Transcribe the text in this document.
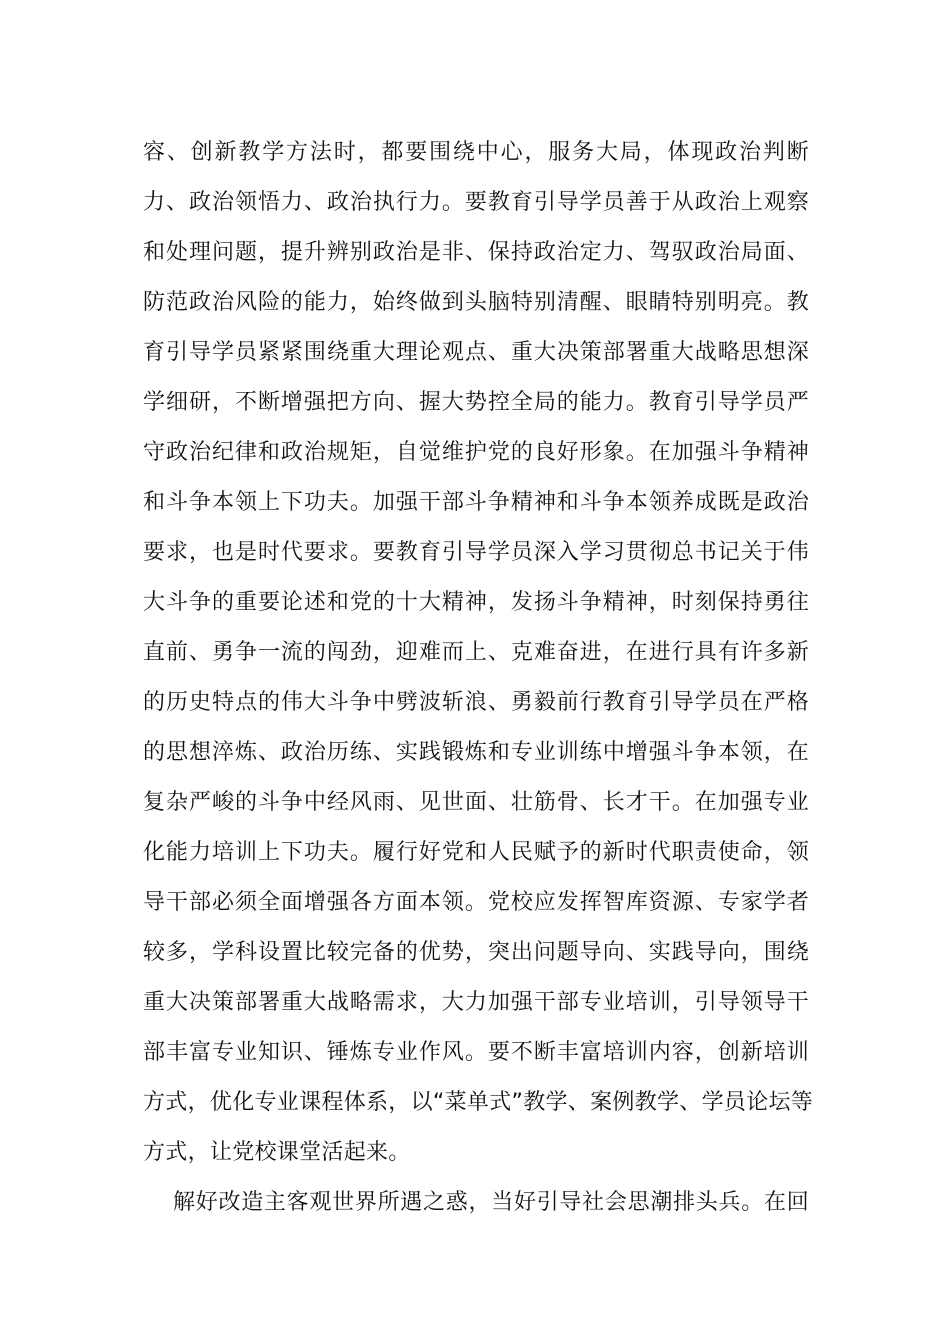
容、创新教学方法时，都要围绕中心，服务大局，体现政治判断
力、政治领悟力、政治执行力。要教育引导学员善于从政治上观察
和处理问题，提升辨别政治是非、保持政治定力、驾驭政治局面、
防范政治风险的能力，始终做到头脑特别清醒、眼睛特别明亮。教
育引导学员紧紧围绕重大理论观点、重大决策部署重大战略思想深
学细研，不断增强把方向、握大势控全局的能力。教育引导学员严
守政治纪律和政治规矩，自觉维护党的良好形象。在加强斗争精神
和斗争本领上下功夫。加强干部斗争精神和斗争本领养成既是政治
要求，也是时代要求。要教育引导学员深入学习贯彻总书记关于伟
大斗争的重要论述和党的十大精神，发扬斗争精神，时刻保持勇往
直前、勇争一流的闯劲，迎难而上、克难奋进，在进行具有许多新
的历史特点的伟大斗争中劈波斩浪、勇毅前行教育引导学员在严格
的思想淬炼、政治历练、实践锻炼和专业训练中增强斗争本领，在
复杂严峻的斗争中经风雨、见世面、壮筋骨、长才干。在加强专业
化能力培训上下功夫。履行好党和人民赋予的新时代职责使命，领
导干部必须全面增强各方面本领。党校应发挥智库资源、专家学者
较多，学科设置比较完备的优势，突出问题导向、实践导向，围绕
重大决策部署重大战略需求，大力加强干部专业培训，引导领导干
部丰富专业知识、锤炼专业作风。要不断丰富培训内容，创新培训
方式，优化专业课程体系，以“菜单式”教学、案例教学、学员论坛等
方式，让党校课堂活起来。
解好改造主客观世界所遇之惑，当好引导社会思潮排头兵。在回
